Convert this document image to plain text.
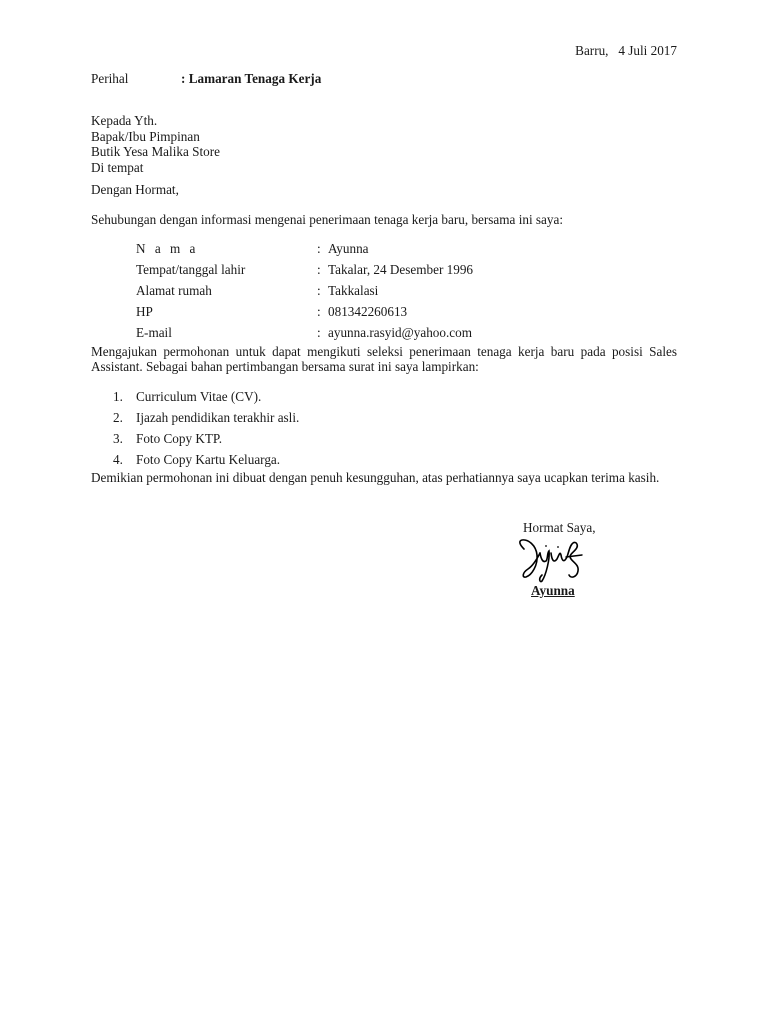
Barru,   4 Juli 2017
Perihal	: Lamaran Tenaga Kerja
Kepada Yth.
Bapak/Ibu Pimpinan
Butik Yesa Malika Store
Di tempat
Dengan Hormat,
Sehubungan dengan informasi mengenai penerimaan tenaga kerja baru, bersama ini saya:
N a m a	: Ayunna
Tempat/tanggal lahir	: Takalar, 24 Desember 1996
Alamat rumah	: Takkalasi
HP	: 081342260613
E-mail	: ayunna.rasyid@yahoo.com
Mengajukan permohonan untuk dapat mengikuti seleksi penerimaan tenaga kerja baru pada posisi Sales Assistant. Sebagai bahan pertimbangan bersama surat ini saya lampirkan:
1. Curriculum Vitae (CV).
2. Ijazah pendidikan terakhir asli.
3. Foto Copy KTP.
4. Foto Copy Kartu Keluarga.
Demikian permohonan ini dibuat dengan penuh kesungguhan, atas perhatiannya saya ucapkan terima kasih.
Hormat Saya,
Ayunna
